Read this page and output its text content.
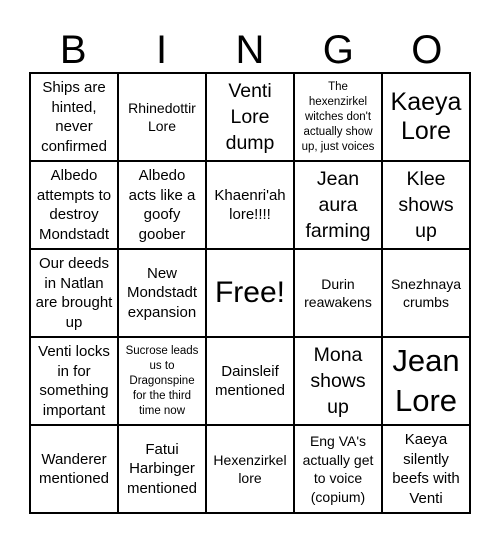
B	I	N	G	O
Ships are hinted, never confirmed
Rhinedottir Lore
Venti Lore dump
The hexenzirkel witches don't actually show up, just voices
Kaeya Lore
Albedo attempts to destroy Mondstadt
Albedo acts like a goofy goober
Khaenri'ah lore!!!!
Jean aura farming
Klee shows up
Our deeds in Natlan are brought up
New Mondstadt expansion
Free!	Durin reawakens
Snezhnaya crumbs
Venti locks in for something important
Sucrose leads us to Dragonspine for the third time now
Dainsleif mentioned
Mona shows up
Jean Lore
Wanderer mentioned
Fatui Harbinger mentioned
Hexenzirkel lore
Eng VA's actually get to voice (copium)
Kaeya silently beefs with Venti
